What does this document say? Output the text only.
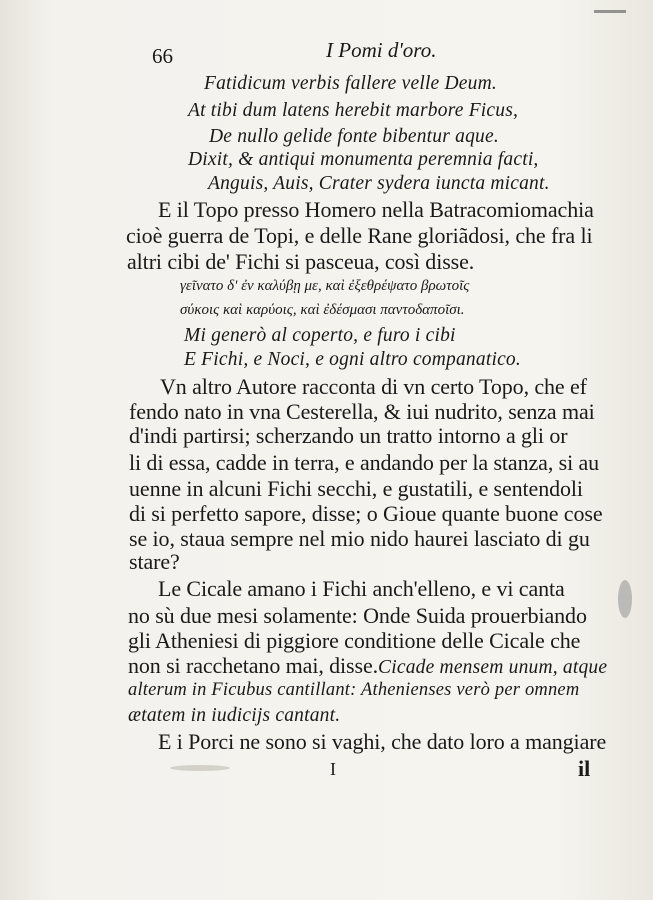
66	I Pomi d'oro.
Fatidicum verbis fallere velle Deum.
At tibi dum latens herebit marbore Ficus,
De nullo gelide fonte bibentur aque.
Dixit, & antiqui monumenta peremnia facti,
Anguis, Auis, Crater sydera iuncta micant.
E il Topo presso Homero nella Batracomiomachia
cioè guerra de Topi, e delle Rane gloriãdosi, che fra li
altri cibi de' Fichi si pasceua, così disse.
γεῖνατο δ' ἐν καλύβῃ με, καὶ ἐξεθρέψατο βρωτοῖς
σύκοις καὶ καρύοις, καὶ ἐδέσμασι παντοδαποῖσι.
Mi generò al coperto, e furo i cibi
E Fichi, e Noci, e ogni altro companatico.
Vn altro Autore racconta di vn certo Topo, che ef
fendo nato in vna Cesterella, & iui nudrito, senza mai
d'indi partirsi; scherzando un tratto intorno a gli or
li di essa, cadde in terra, e andando per la stanza, si au
uenne in alcuni Fichi secchi, e gustatili, e sentendoli
di si perfetto sapore, disse; o Gioue quante buone cose
se io, staua sempre nel mio nido haurei lasciato di gu
stare?
Le Cicale amano i Fichi anch'elleno, e vi canta
no sù due mesi solamente: Onde Suida prouerbiando
gli Atheniesi di piggiore conditione delle Cicale che
non si racchetano mai, disse.Cicade mensem unum, atque
alterum in Ficubus cantillant: Athenienses verò per omnem
ætatem in iudicijs cantant.
E i Porci ne sono si vaghi, che dato loro a mangiare
I	il
